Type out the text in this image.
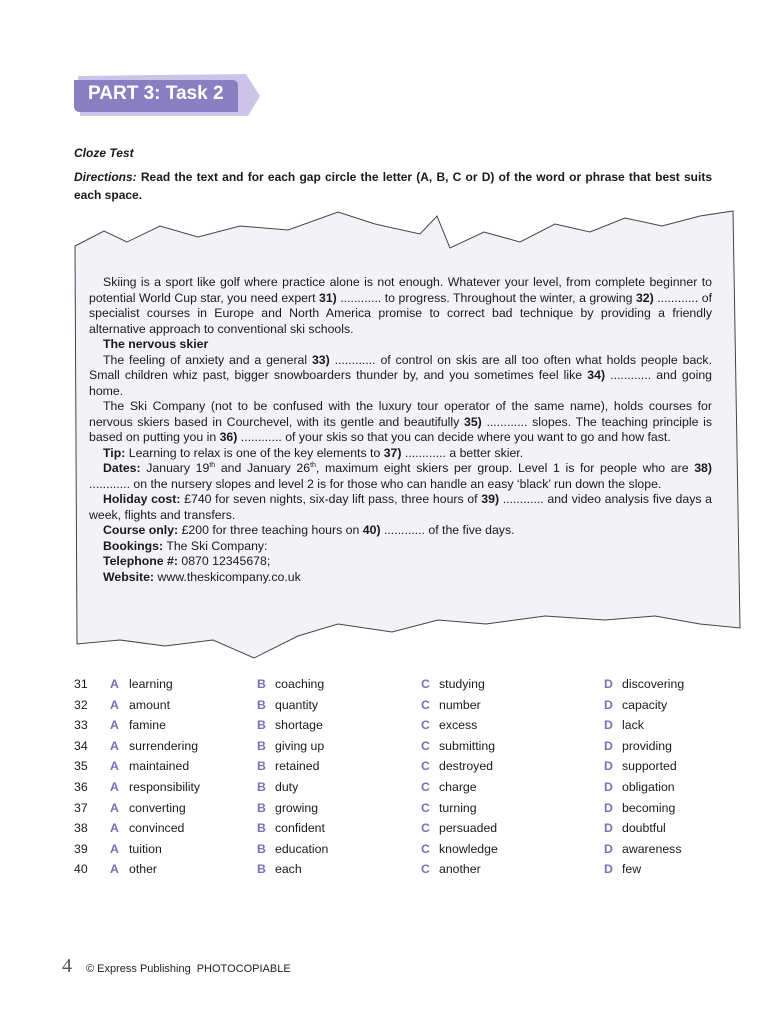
PART 3: Task 2
Cloze Test
Directions: Read the text and for each gap circle the letter (A, B, C or D) of the word or phrase that best suits each space.

Skiing is a sport like golf where practice alone is not enough. Whatever your level, from complete beginner to potential World Cup star, you need expert 31) ............ to progress. Throughout the winter, a growing 32) ............ of specialist courses in Europe and North America promise to correct bad technique by providing a friendly alternative approach to conventional ski schools.

The nervous skier

The feeling of anxiety and a general 33) ............ of control on skis are all too often what holds people back. Small children whiz past, bigger snowboarders thunder by, and you sometimes feel like 34) ............ and going home.

The Ski Company (not to be confused with the luxury tour operator of the same name), holds courses for nervous skiers based in Courchevel, with its gentle and beautifully 35) ............ slopes. The teaching principle is based on putting you in 36) ............ of your skis so that you can decide where you want to go and how fast.

Tip: Learning to relax is one of the key elements to 37) ............ a better skier.

Dates: January 19th and January 26th, maximum eight skiers per group. Level 1 is for people who are 38) ............ on the nursery slopes and level 2 is for those who can handle an easy ‘black’ run down the slope.

Holiday cost: £740 for seven nights, six-day lift pass, three hours of 39) ............ and video analysis five days a week, flights and transfers.

Course only: £200 for three teaching hours on 40) ............ of the five days.

Bookings: The Ski Company:

Telephone #: 0870 12345678;

Website: www.theskicompany.co.uk

31 A learning	B coaching	C studying	D discovering
32 A amount	B quantity	C number	D capacity
33 A famine	B shortage	C excess	D lack
34 A surrendering	B giving up	C submitting	D providing
35 A maintained	B retained	C destroyed	D supported
36 A responsibility	B duty	C charge	D obligation
37 A converting	B growing	C turning	D becoming
38 A convinced	B confident	C persuaded	D doubtful
39 A tuition	B education	C knowledge	D awareness
40 A other	B each	C another	D few
4 © Express Publishing PHOTOCOPIABLE
